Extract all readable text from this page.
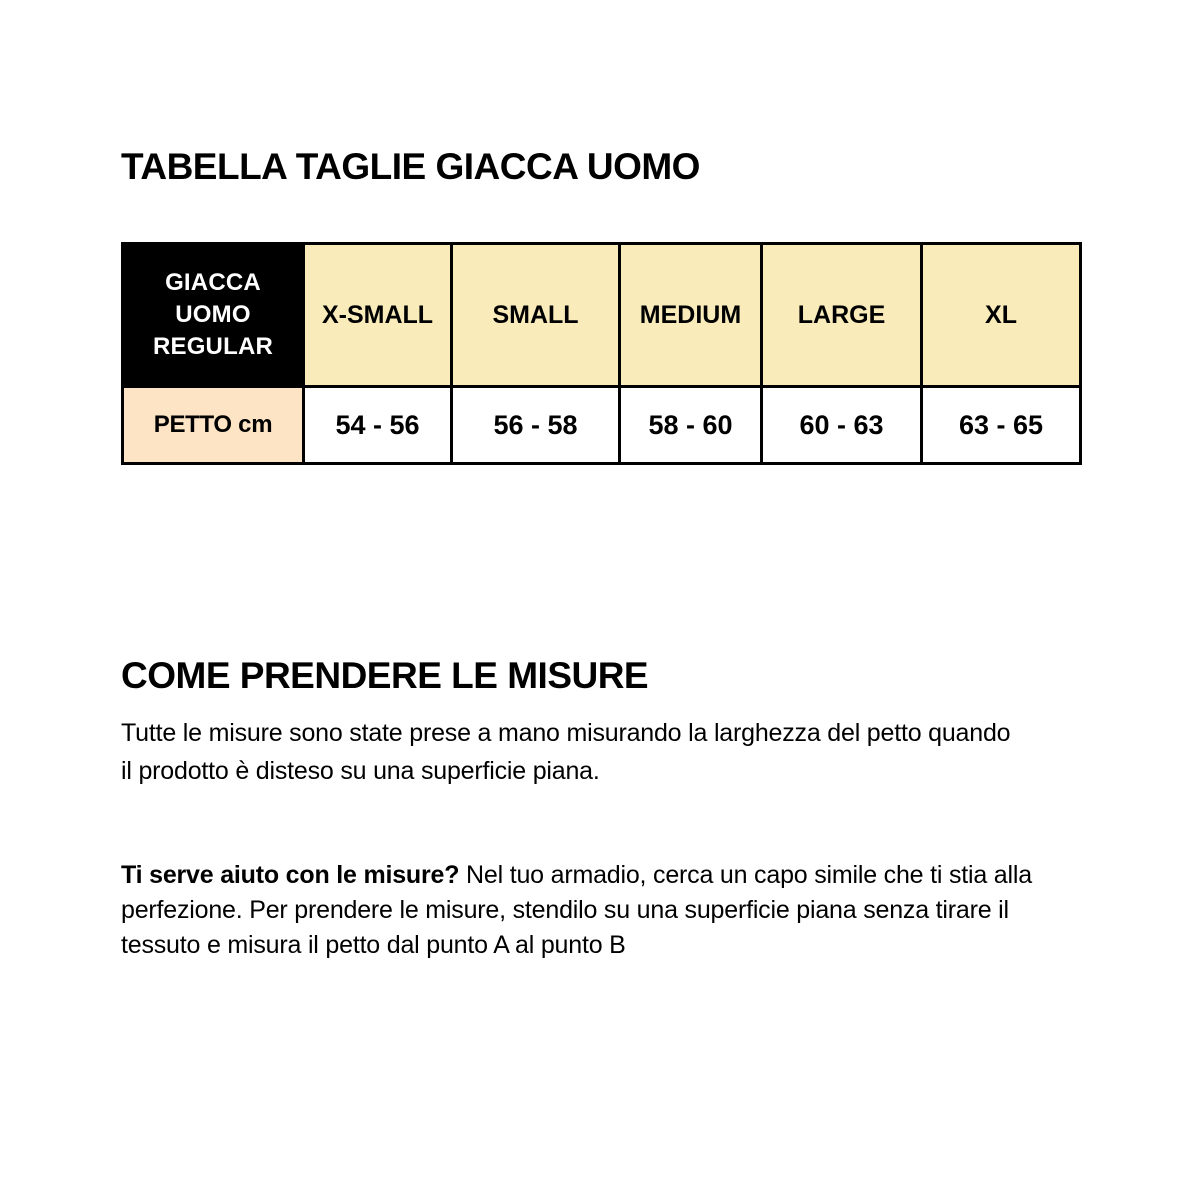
TABELLA TAGLIE GIACCA UOMO
GIACCA
UOMO
REGULAR	X-SMALL	SMALL	MEDIUM	LARGE	XL
PETTO cm	54 - 56	56 - 58	58 - 60	60 - 63	63 - 65
COME PRENDERE LE MISURE

Tutte le misure sono state prese a mano misurando la larghezza del petto quando il prodotto è disteso su una superficie piana.

Ti serve aiuto con le misure? Nel tuo armadio, cerca un capo simile che ti stia alla perfezione. Per prendere le misure, stendilo su una superficie piana senza tirare il tessuto e misura il petto dal punto A al punto B
